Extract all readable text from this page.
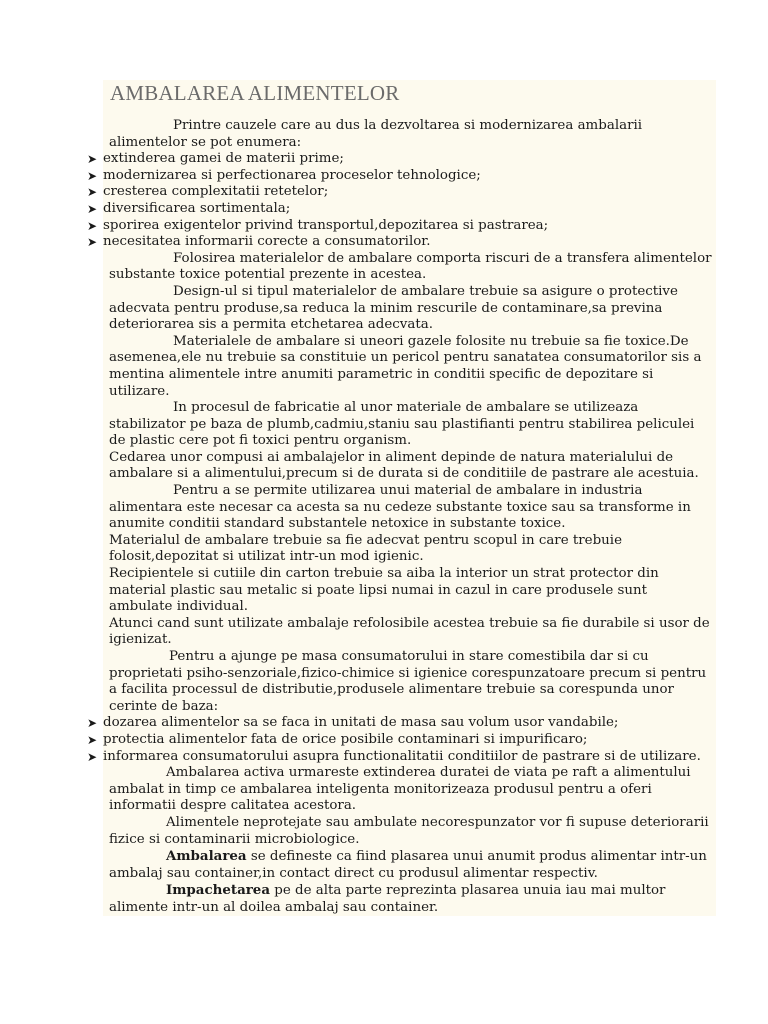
AMBALAREA ALIMENTELOR

Printre cauzele care au dus la dezvoltarea si modernizarea ambalarii alimentelor se pot enumera:

➤ extinderea gamei de materii prime;
➤ modernizarea si perfectionarea proceselor tehnologice;
➤ cresterea complexitatii retetelor;
➤ diversificarea sortimentala;
➤ sporirea exigentelor privind transportul,depozitarea si pastrarea;
➤ necesitatea informarii corecte a consumatorilor.

Folosirea materialelor de ambalare comporta riscuri de a transfera alimentelor substante toxice potential prezente in acestea.

Design-ul si tipul materialelor de ambalare trebuie sa asigure o protective adecvata pentru produse,sa reduca la minim rescurile de contaminare,sa previna deteriorarea sis a permita etchetarea adecvata.

Materialele de ambalare si uneori gazele folosite nu trebuie sa fie toxice.De asemenea,ele nu trebuie sa constituie un pericol pentru sanatatea consumatorilor sis a mentina alimentele intre anumiti parametric in conditii specific de depozitare si utilizare.

In procesul de fabricatie al unor materiale de ambalare se utilizeaza stabilizator pe baza de plumb,cadmiu,staniu sau plastifianti pentru stabilirea peliculei de plastic cere pot fi toxici pentru organism.

Cedarea unor compusi ai ambalajelor in aliment depinde de natura materialului de ambalare si a alimentului,precum si de durata si de conditiile de pastrare ale acestuia.

Pentru a se permite utilizarea unui material de ambalare in industria alimentara este necesar ca acesta sa nu cedeze substante toxice sau sa transforme in anumite conditii standard substantele netoxice in substante toxice.

Materialul de ambalare trebuie sa fie adecvat pentru scopul in care trebuie folosit,depozitat si utilizat intr-un mod igienic.

Recipientele si cutiile din carton trebuie sa aiba la interior un strat protector din material plastic sau metalic si poate lipsi numai in cazul in care produsele sunt ambulate individual.

Atunci cand sunt utilizate ambalaje refolosibile acestea trebuie sa fie durabile si usor de igienizat.

Pentru a ajunge pe masa consumatorului in stare comestibila dar si cu proprietati psiho-senzoriale,fizico-chimice si igienice corespunzatoare precum si pentru a facilita processul de distributie,produsele alimentare trebuie sa corespunda unor cerinte de baza:

➤ dozarea alimentelor sa se faca in unitati de masa sau volum usor vandabile;
➤ protectia alimentelor fata de orice posibile contaminari si impurificaro;
➤ informarea consumatorului asupra functionalitatii conditiilor de pastrare si de utilizare.

Ambalarea activa urmareste extinderea duratei de viata pe raft a alimentului ambalat in timp ce ambalarea inteligenta monitorizeaza produsul pentru a oferi informatii despre calitatea acestora.

Alimentele neprotejate sau ambulate necorespunzator vor fi supuse deteriorarii fizice si contaminarii microbiologice.

Ambalarea se defineste ca fiind plasarea unui anumit produs alimentar intr-un ambalaj sau container,in contact direct cu produsul alimentar respectiv.

Impachetarea pe de alta parte reprezinta plasarea unuia iau mai multor alimente intr-un al doilea ambalaj sau container.
